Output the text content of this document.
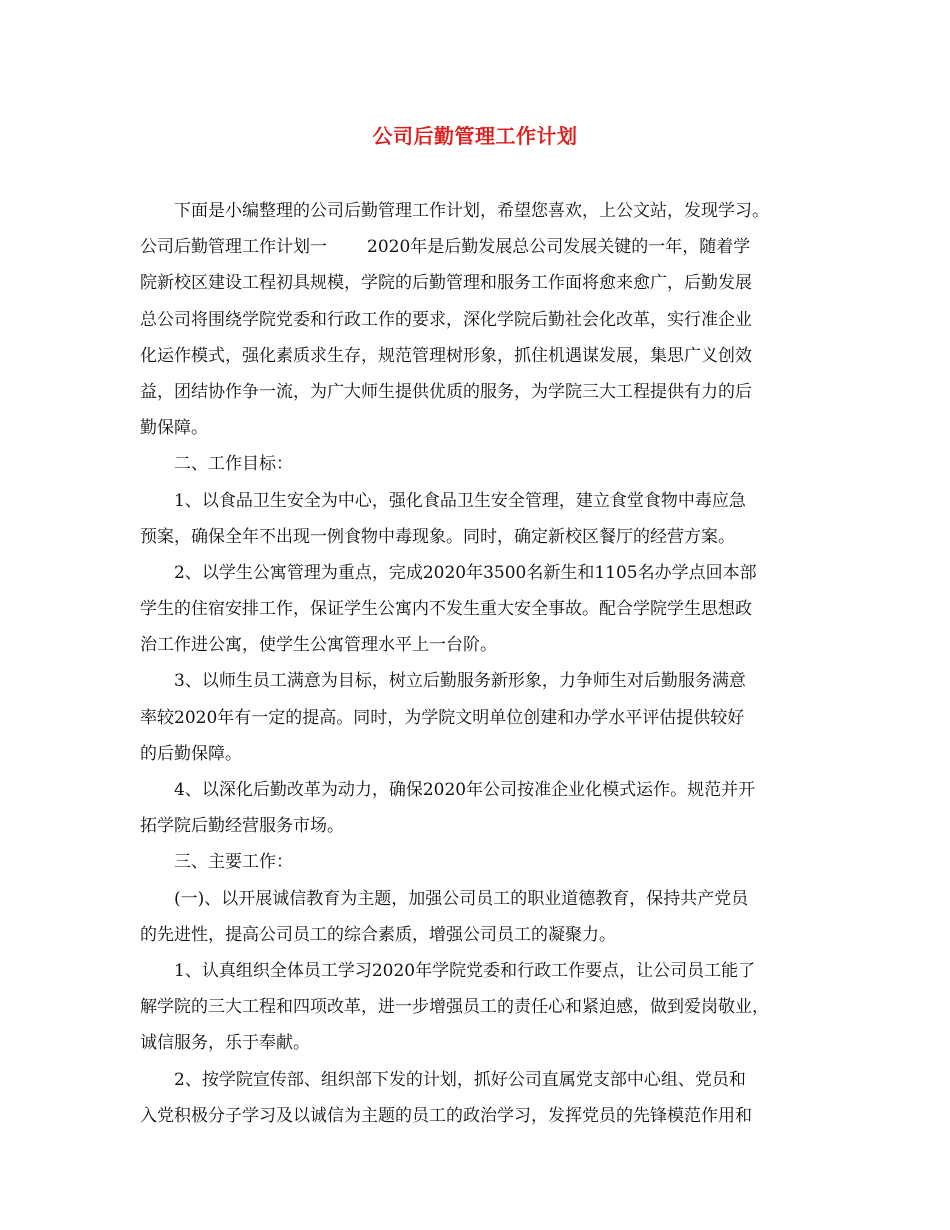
公司后勤管理工作计划
下面是小编整理的公司后勤管理工作计划，希望您喜欢，上公文站，发现学习。
公司后勤管理工作计划一 2020年是后勤发展总公司发展关键的一年，随着学
院新校区建设工程初具规模，学院的后勤管理和服务工作面将愈来愈广，后勤发展
总公司将围绕学院党委和行政工作的要求，深化学院后勤社会化改革，实行准企业
化运作模式，强化素质求生存，规范管理树形象，抓住机遇谋发展，集思广义创效
益，团结协作争一流，为广大师生提供优质的服务，为学院三大工程提供有力的后
勤保障。
二、工作目标：
1、以食品卫生安全为中心，强化食品卫生安全管理，建立食堂食物中毒应急
预案，确保全年不出现一例食物中毒现象。同时，确定新校区餐厅的经营方案。
2、以学生公寓管理为重点，完成2020年3500名新生和1105名办学点回本部
学生的住宿安排工作，保证学生公寓内不发生重大安全事故。配合学院学生思想政
治工作进公寓，使学生公寓管理水平上一台阶。
3、以师生员工满意为目标，树立后勤服务新形象，力争师生对后勤服务满意
率较2020年有一定的提高。同时，为学院文明单位创建和办学水平评估提供较好
的后勤保障。
4、以深化后勤改革为动力，确保2020年公司按准企业化模式运作。规范并开
拓学院后勤经营服务市场。
三、主要工作：
(一)、以开展诚信教育为主题，加强公司员工的职业道德教育，保持共产党员
的先进性，提高公司员工的综合素质，增强公司员工的凝聚力。
1、认真组织全体员工学习2020年学院党委和行政工作要点，让公司员工能了
解学院的三大工程和四项改革，进一步增强员工的责任心和紧迫感，做到爱岗敬业，
诚信服务，乐于奉献。
2、按学院宣传部、组织部下发的计划，抓好公司直属党支部中心组、党员和
入党积极分子学习及以诚信为主题的员工的政治学习，发挥党员的先锋模范作用和
